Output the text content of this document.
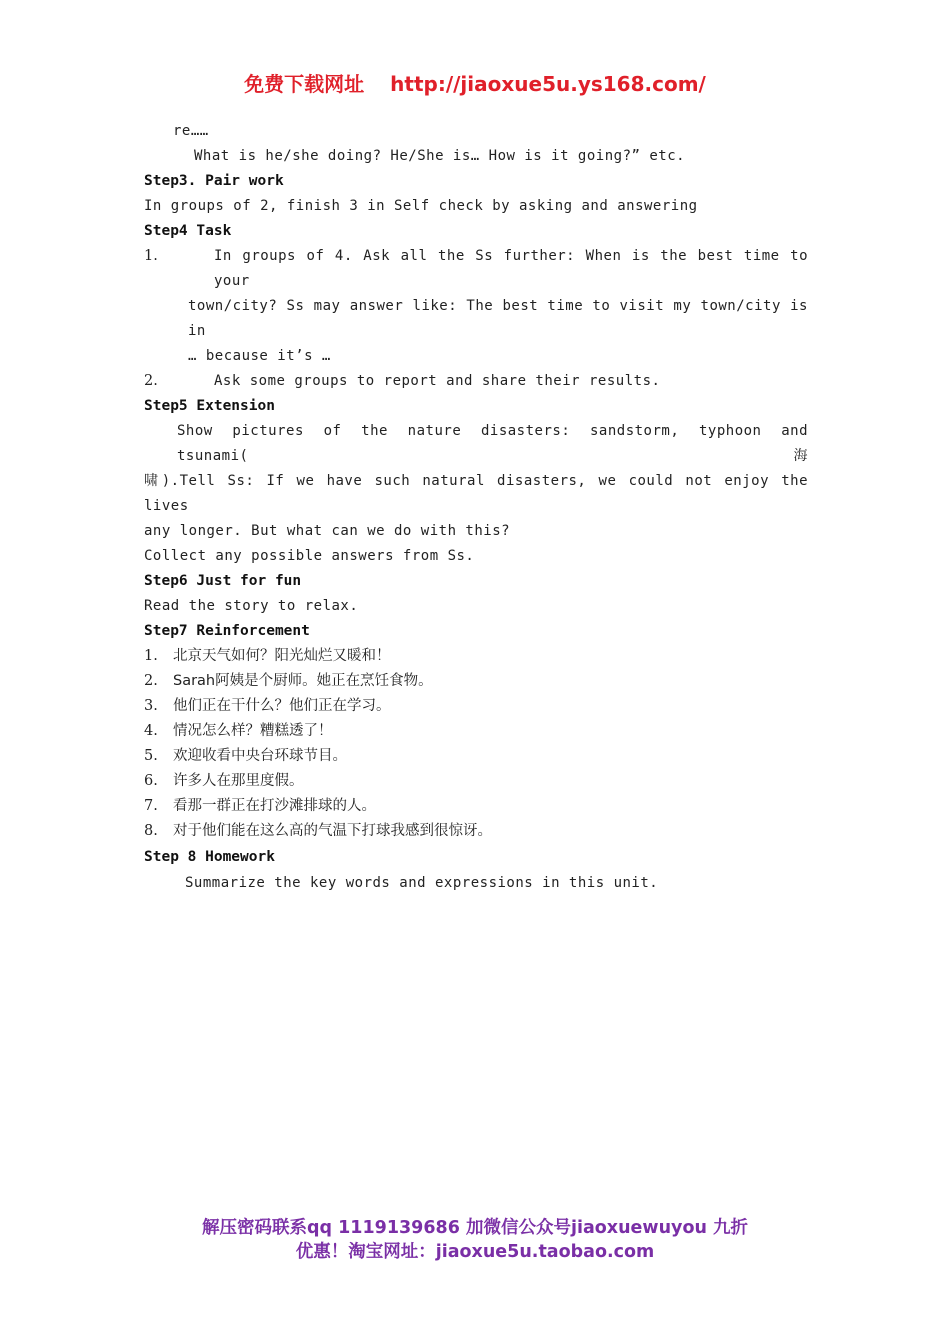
免费下载网址 http://jiaoxue5u.ys168.com/
re……
What is he/she doing? He/She is… How is it going?” etc.
Step3. Pair work
In groups of 2, finish 3 in Self check by asking and answering
Step4 Task
1.	In groups of 4. Ask all the Ss further: When is the best time to your
town/city? Ss may answer like: The best time to visit my town/city is in
… because it’s …
2.	Ask some groups to report and share their results.
Step5 Extension
Show pictures of the nature disasters: sandstorm, typhoon and tsunami(海
啸).Tell Ss: If we have such natural disasters, we could not enjoy the lives
any longer. But what can we do with this?
Collect any possible answers from Ss.
Step6 Just for fun
Read the story to relax.
Step7 Reinforcement
1.	北京天气如何？阳光灿烂又暖和！
2.	Sarah阿姨是个厨师。她正在烹饪食物。
3.	他们正在干什么？他们正在学习。
4.	情况怎么样？糟糕透了！
5.	欢迎收看中央台环球节目。
6.	许多人在那里度假。
7.	看那一群正在打沙滩排球的人。
8.	对于他们能在这么高的气温下打球我感到很惊讶。
Step 8 Homework
Summarize the key words and expressions in this unit.
解压密码联系qq 1119139686 加微信公众号jiaoxuewuyou 九折
优惠！淘宝网址：jiaoxue5u.taobao.com
